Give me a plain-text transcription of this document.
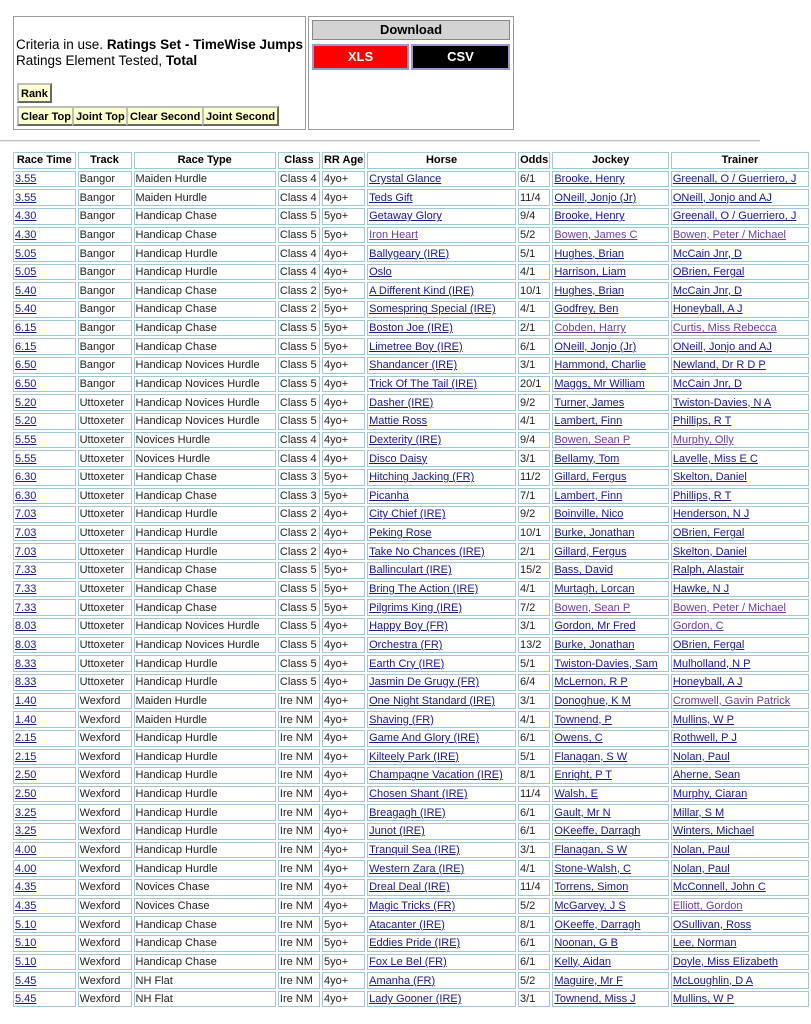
Criteria in use. Ratings Set - TimeWise Jumps
Ratings Element Tested, Total
Rank
Clear Top Joint Top Clear Second Joint Second
Download
XLS	CSV
Race Time	Track	Race Type	Class	RR Age	Horse	Odds	Jockey	Trainer
3.55	Bangor	Maiden Hurdle	Class 4	4yo+	Crystal Glance	6/1	Brooke, Henry	Greenall, O / Guerriero, J
3.55	Bangor	Maiden Hurdle	Class 4	4yo+	Teds Gift	11/4	ONeill, Jonjo (Jr)	ONeill, Jonjo and AJ
4.30	Bangor	Handicap Chase	Class 5	5yo+	Getaway Glory	9/4	Brooke, Henry	Greenall, O / Guerriero, J
4.30	Bangor	Handicap Chase	Class 5	5yo+	Iron Heart	5/2	Bowen, James C	Bowen, Peter / Michael
5.05	Bangor	Handicap Hurdle	Class 4	4yo+	Ballygeary (IRE)	5/1	Hughes, Brian	McCain Jnr, D
5.05	Bangor	Handicap Hurdle	Class 4	4yo+	Oslo	4/1	Harrison, Liam	OBrien, Fergal
5.40	Bangor	Handicap Chase	Class 2	5yo+	A Different Kind (IRE)	10/1	Hughes, Brian	McCain Jnr, D
5.40	Bangor	Handicap Chase	Class 2	5yo+	Somespring Special (IRE)	4/1	Godfrey, Ben	Honeyball, A J
6.15	Bangor	Handicap Chase	Class 5	5yo+	Boston Joe (IRE)	2/1	Cobden, Harry	Curtis, Miss Rebecca
6.15	Bangor	Handicap Chase	Class 5	5yo+	Limetree Boy (IRE)	6/1	ONeill, Jonjo (Jr)	ONeill, Jonjo and AJ
6.50	Bangor	Handicap Novices Hurdle	Class 5	4yo+	Shandancer (IRE)	3/1	Hammond, Charlie	Newland, Dr R D P
6.50	Bangor	Handicap Novices Hurdle	Class 5	4yo+	Trick Of The Tail (IRE)	20/1	Maggs, Mr William	McCain Jnr, D
5.20	Uttoxeter	Handicap Novices Hurdle	Class 5	4yo+	Dasher (IRE)	9/2	Turner, James	Twiston-Davies, N A
5.20	Uttoxeter	Handicap Novices Hurdle	Class 5	4yo+	Mattie Ross	4/1	Lambert, Finn	Phillips, R T
5.55	Uttoxeter	Novices Hurdle	Class 4	4yo+	Dexterity (IRE)	9/4	Bowen, Sean P	Murphy, Olly
5.55	Uttoxeter	Novices Hurdle	Class 4	4yo+	Disco Daisy	3/1	Bellamy, Tom	Lavelle, Miss E C
6.30	Uttoxeter	Handicap Chase	Class 3	5yo+	Hitching Jacking (FR)	11/2	Gillard, Fergus	Skelton, Daniel
6.30	Uttoxeter	Handicap Chase	Class 3	5yo+	Picanha	7/1	Lambert, Finn	Phillips, R T
7.03	Uttoxeter	Handicap Hurdle	Class 2	4yo+	City Chief (IRE)	9/2	Boinville, Nico	Henderson, N J
7.03	Uttoxeter	Handicap Hurdle	Class 2	4yo+	Peking Rose	10/1	Burke, Jonathan	OBrien, Fergal
7.03	Uttoxeter	Handicap Hurdle	Class 2	4yo+	Take No Chances (IRE)	2/1	Gillard, Fergus	Skelton, Daniel
7.33	Uttoxeter	Handicap Chase	Class 5	5yo+	Ballinculart (IRE)	15/2	Bass, David	Ralph, Alastair
7.33	Uttoxeter	Handicap Chase	Class 5	5yo+	Bring The Action (IRE)	4/1	Murtagh, Lorcan	Hawke, N J
7.33	Uttoxeter	Handicap Chase	Class 5	5yo+	Pilgrims King (IRE)	7/2	Bowen, Sean P	Bowen, Peter / Michael
8.03	Uttoxeter	Handicap Novices Hurdle	Class 5	4yo+	Happy Boy (FR)	3/1	Gordon, Mr Fred	Gordon, C
8.03	Uttoxeter	Handicap Novices Hurdle	Class 5	4yo+	Orchestra (FR)	13/2	Burke, Jonathan	OBrien, Fergal
8.33	Uttoxeter	Handicap Hurdle	Class 5	4yo+	Earth Cry (IRE)	5/1	Twiston-Davies, Sam	Mulholland, N P
8.33	Uttoxeter	Handicap Hurdle	Class 5	4yo+	Jasmin De Grugy (FR)	6/4	McLernon, R P	Honeyball, A J
1.40	Wexford	Maiden Hurdle	Ire NM	4yo+	One Night Standard (IRE)	3/1	Donoghue, K M	Cromwell, Gavin Patrick
1.40	Wexford	Maiden Hurdle	Ire NM	4yo+	Shaving (FR)	4/1	Townend, P	Mullins, W P
2.15	Wexford	Handicap Hurdle	Ire NM	4yo+	Game And Glory (IRE)	6/1	Owens, C	Rothwell, P J
2.15	Wexford	Handicap Hurdle	Ire NM	4yo+	Kilteely Park (IRE)	5/1	Flanagan, S W	Nolan, Paul
2.50	Wexford	Handicap Hurdle	Ire NM	4yo+	Champagne Vacation (IRE)	8/1	Enright, P T	Aherne, Sean
2.50	Wexford	Handicap Hurdle	Ire NM	4yo+	Chosen Shant (IRE)	11/4	Walsh, E	Murphy, Ciaran
3.25	Wexford	Handicap Hurdle	Ire NM	4yo+	Breagagh (IRE)	6/1	Gault, Mr N	Millar, S M
3.25	Wexford	Handicap Hurdle	Ire NM	4yo+	Junot (IRE)	6/1	OKeeffe, Darragh	Winters, Michael
4.00	Wexford	Handicap Hurdle	Ire NM	4yo+	Tranquil Sea (IRE)	3/1	Flanagan, S W	Nolan, Paul
4.00	Wexford	Handicap Hurdle	Ire NM	4yo+	Western Zara (IRE)	4/1	Stone-Walsh, C	Nolan, Paul
4.35	Wexford	Novices Chase	Ire NM	4yo+	Dreal Deal (IRE)	11/4	Torrens, Simon	McConnell, John C
4.35	Wexford	Novices Chase	Ire NM	4yo+	Magic Tricks (FR)	5/2	McGarvey, J S	Elliott, Gordon
5.10	Wexford	Handicap Chase	Ire NM	5yo+	Atacanter (IRE)	8/1	OKeeffe, Darragh	OSullivan, Ross
5.10	Wexford	Handicap Chase	Ire NM	5yo+	Eddies Pride (IRE)	6/1	Noonan, G B	Lee, Norman
5.10	Wexford	Handicap Chase	Ire NM	5yo+	Fox Le Bel (FR)	6/1	Kelly, Aidan	Doyle, Miss Elizabeth
5.45	Wexford	NH Flat	Ire NM	4yo+	Amanha (FR)	5/2	Maguire, Mr F	McLoughlin, D A
5.45	Wexford	NH Flat	Ire NM	4yo+	Lady Gooner (IRE)	3/1	Townend, Miss J	Mullins, W P
